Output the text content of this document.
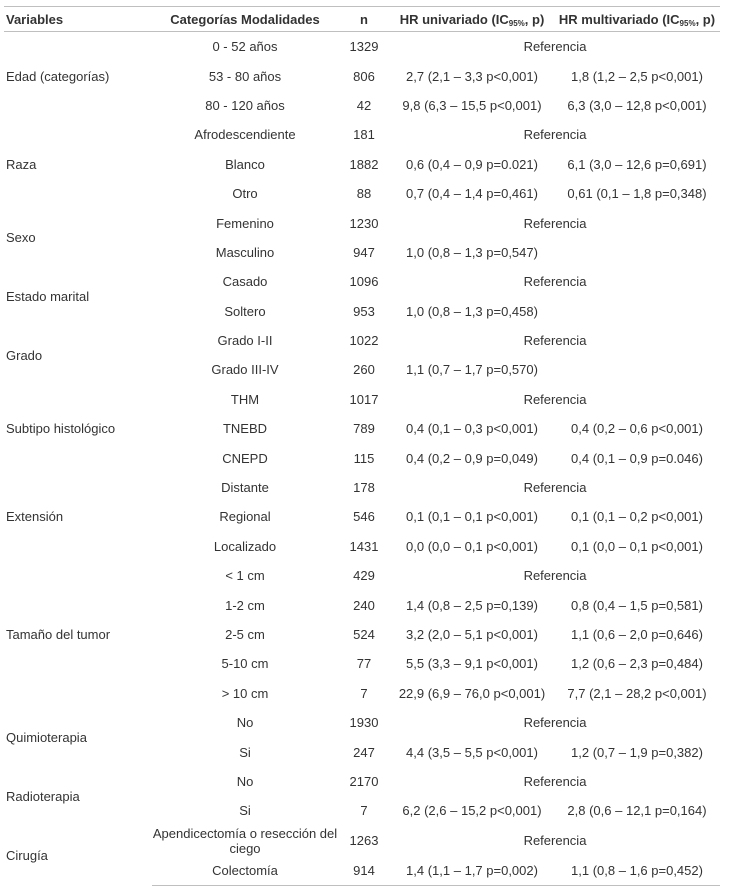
Variables	Categorías Modalidades	n	HR univariado ($IC_{95\%}$, p)	HR multivariado ($IC_{95\%}$, p)
Edad (categorías)	0 - 52 años	1329	Referencia	
	53 - 80 años	806	2,7 (2,1 – 3,3 p<0,001)	1,8 (1,2 – 2,5 p<0,001)
	80 - 120 años	42	9,8 (6,3 – 15,5 p<0,001)	6,3 (3,0 – 12,8 p<0,001)
Raza	Afrodescendiente	181	Referencia	
	Blanco	1882	0,6 (0,4 – 0,9 p=0.021)	6,1 (3,0 – 12,6 p=0,691)
	Otro	88	0,7 (0,4 – 1,4 p=0,461)	0,61 (0,1 – 1,8 p=0,348)
Sexo	Femenino	1230	Referencia	
	Masculino	947	1,0 (0,8 – 1,3 p=0,547)	
Estado marital	Casado	1096	Referencia	
	Soltero	953	1,0 (0,8 – 1,3 p=0,458)	
Grado	Grado I-II	1022	Referencia	
	Grado III-IV	260	1,1 (0,7 – 1,7 p=0,570)	
Subtipo histológico	THM	1017	Referencia	
	TNEBD	789	0,4 (0,1 – 0,3 p<0,001)	0,4 (0,2 – 0,6 p<0,001)
	CNEPD	115	0,4 (0,2 – 0,9 p=0,049)	0,4 (0,1 – 0,9 p=0.046)
Extensión	Distante	178	Referencia	
	Regional	546	0,1 (0,1 – 0,1 p<0,001)	0,1 (0,1 – 0,2 p<0,001)
	Localizado	1431	0,0 (0,0 – 0,1 p<0,001)	0,1 (0,0 – 0,1 p<0,001)
Tamaño del tumor	< 1 cm	429	Referencia	
	1-2 cm	240	1,4 (0,8 – 2,5 p=0,139)	0,8 (0,4 – 1,5 p=0,581)
	2-5 cm	524	3,2 (2,0 – 5,1 p<0,001)	1,1 (0,6 – 2,0 p=0,646)
	5-10 cm	77	5,5 (3,3 – 9,1 p<0,001)	1,2 (0,6 – 2,3 p=0,484)
	> 10 cm	7	22,9 (6,9 – 76,0 p<0,001)	7,7 (2,1 – 28,2 p<0,001)
Quimioterapia	No	1930	Referencia	
	Si	247	4,4 (3,5 – 5,5 p<0,001)	1,2 (0,7 – 1,9 p=0,382)
Radioterapia	No	2170	Referencia	
	Si	7	6,2 (2,6 – 15,2 p<0,001)	2,8 (0,6 – 12,1 p=0,164)
Cirugía	Apendicectomía o resección del ciego	1263	Referencia	
	Colectomía	914	1,4 (1,1 – 1,7 p=0,002)	1,1 (0,8 – 1,6 p=0,452)
